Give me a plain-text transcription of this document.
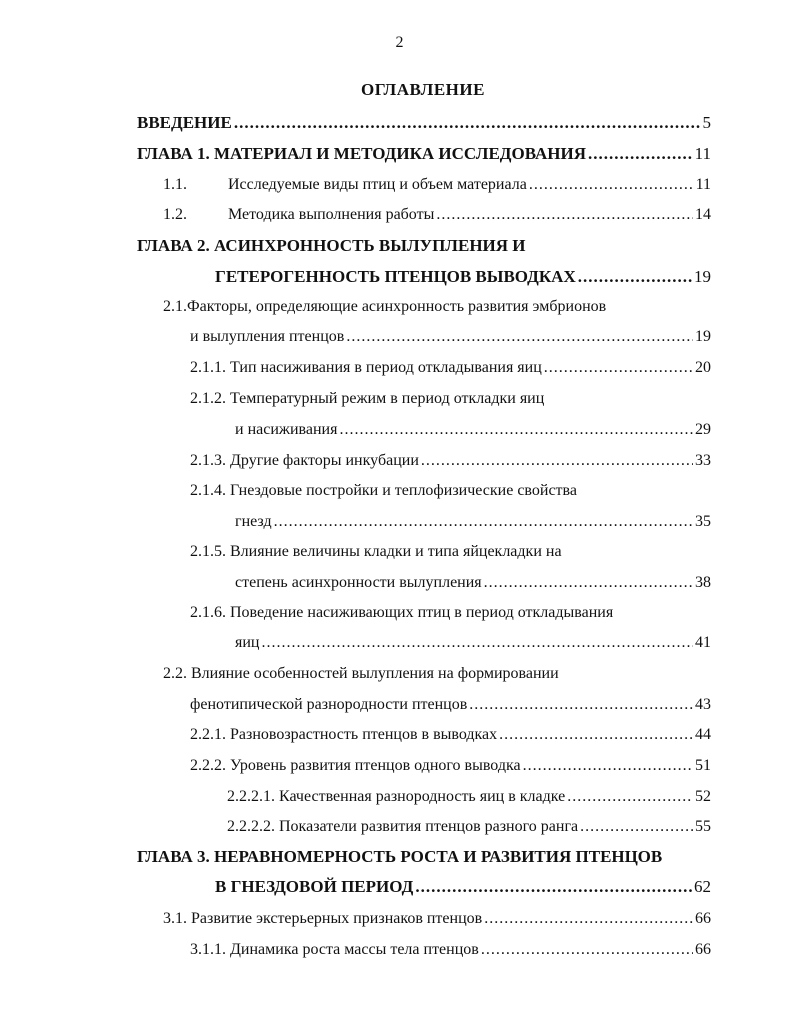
2
ОГЛАВЛЕНИЕ
ВВЕДЕНИЕ .....	5
ГЛАВА 1. МАТЕРИАЛ И МЕТОДИКА ИССЛЕДОВАНИЯ .....	11
1.1.	Исследуемые виды птиц и объем материала .....	11
1.2.	Методика выполнения работы .....	14
ГЛАВА 2. АСИНХРОННОСТЬ ВЫЛУПЛЕНИЯ И
ГЕТЕРОГЕННОСТЬ ПТЕНЦОВ ВЫВОДКАХ .....	19
2.1.Факторы, определяющие асинхронность развития эмбрионов
и вылупления птенцов .....	19
2.1.1. Тип насиживания в период откладывания яиц .....	20
2.1.2. Температурный режим в период откладки яиц
и насиживания .....	29
2.1.3. Другие факторы инкубации .....	33
2.1.4. Гнездовые постройки и теплофизические свойства
гнезд .....	35
2.1.5. Влияние величины кладки и типа яйцекладки на
степень асинхронности вылупления .....	38
2.1.6. Поведение насиживающих птиц в период откладывания
яиц .....	41
2.2. Влияние особенностей вылупления на формировании
фенотипической разнородности птенцов .....	43
2.2.1. Разновозрастность птенцов в выводках .....	44
2.2.2. Уровень развития птенцов одного выводка .....	51
2.2.2.1. Качественная разнородность яиц в кладке .....	52
2.2.2.2. Показатели развития птенцов разного ранга .....	55
ГЛАВА 3. НЕРАВНОМЕРНОСТЬ РОСТА И РАЗВИТИЯ ПТЕНЦОВ
В ГНЕЗДОВОЙ ПЕРИОД .....	62
3.1. Развитие экстерьерных признаков птенцов .....	66
3.1.1. Динамика роста массы тела птенцов .....	66
